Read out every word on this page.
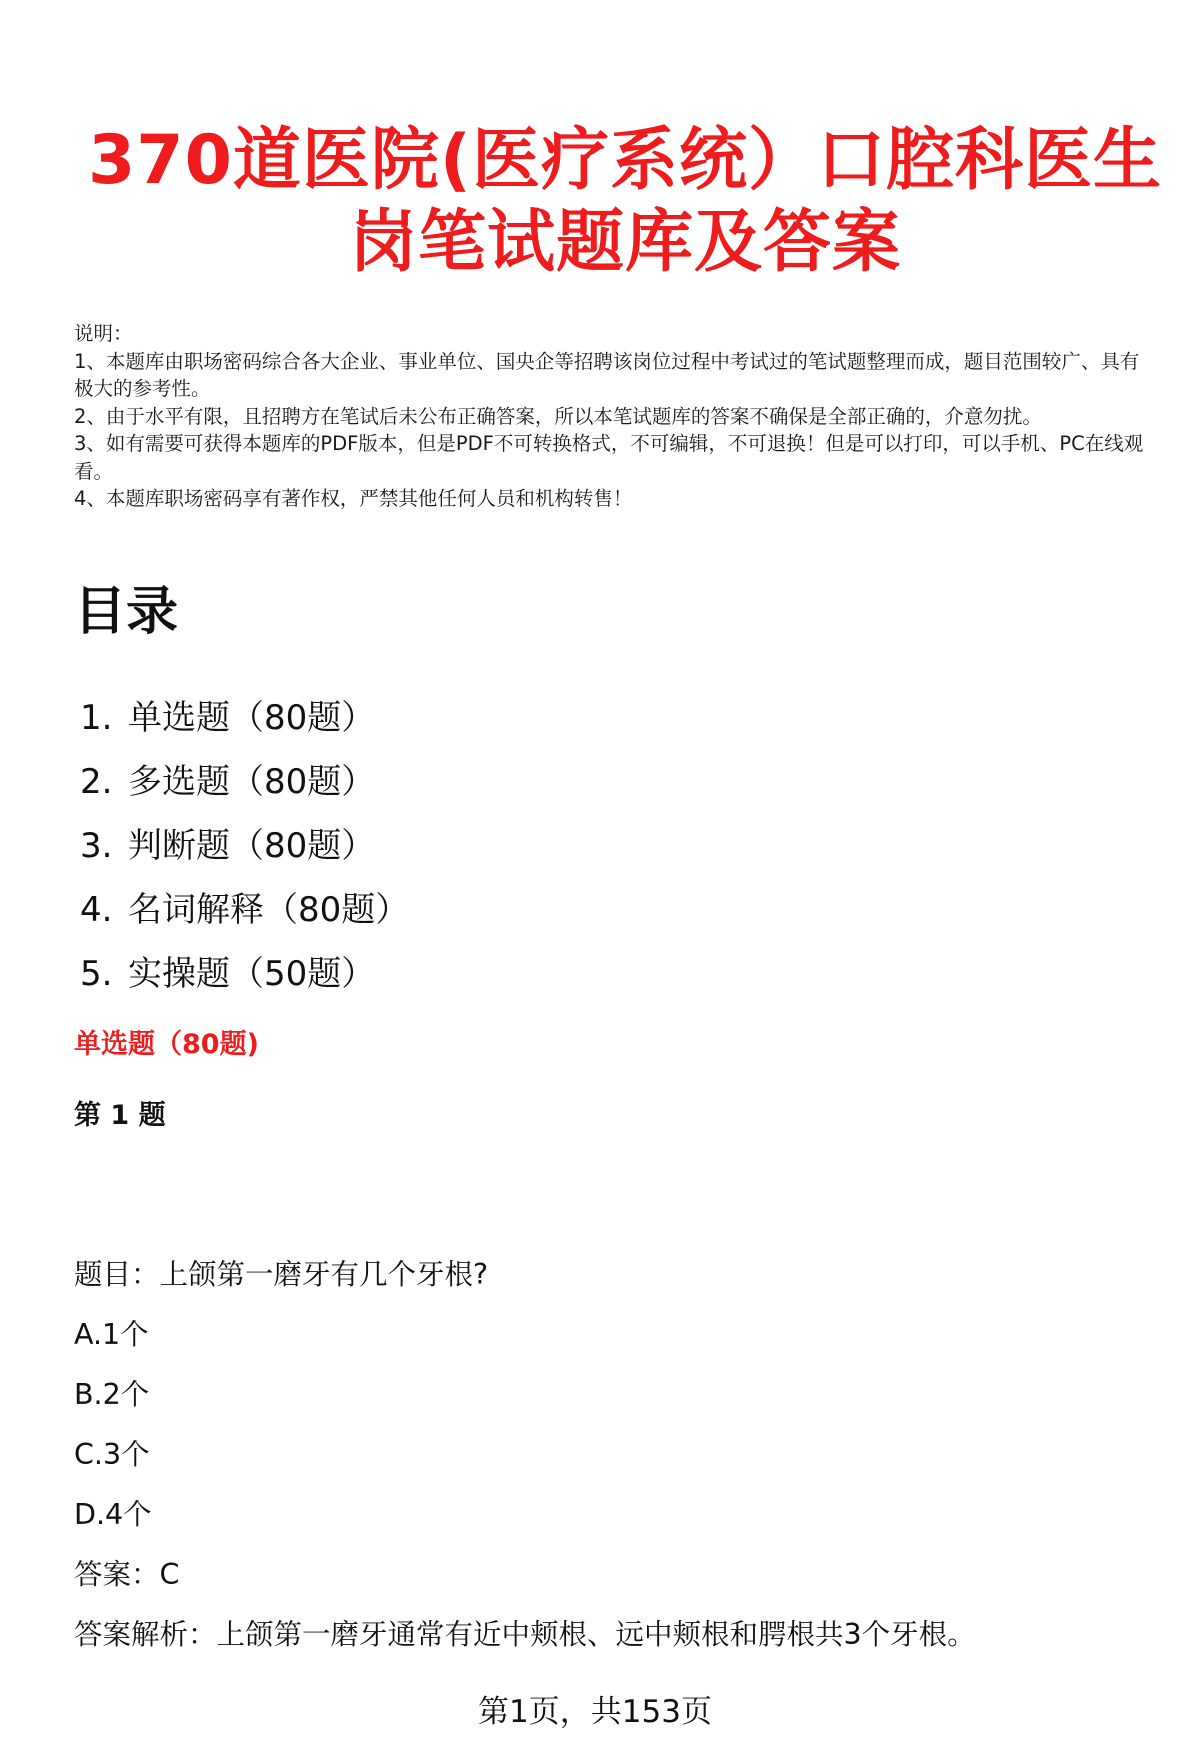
370道医院(医疗系统）口腔科医生
岗笔试题库及答案
说明：
1、本题库由职场密码综合各大企业、事业单位、国央企等招聘该岗位过程中考试过的笔试题整理而成，题目范围较广、具有极大的参考性。
2、由于水平有限，且招聘方在笔试后未公布正确答案，所以本笔试题库的答案不确保是全部正确的，介意勿扰。
3、如有需要可获得本题库的PDF版本，但是PDF不可转换格式，不可编辑，不可退换！但是可以打印，可以手机、PC在线观看。
4、本题库职场密码享有著作权，严禁其他任何人员和机构转售！
目录
1. 单选题（80题）
2. 多选题（80题）
3. 判断题（80题）
4. 名词解释（80题）
5. 实操题（50题）
单选题（80题)
第 1 题
题目：上颌第一磨牙有几个牙根?
A.1个
B.2个
C.3个
D.4个
答案：C
答案解析：上颌第一磨牙通常有近中颊根、远中颊根和腭根共3个牙根。
第1页，共153页
